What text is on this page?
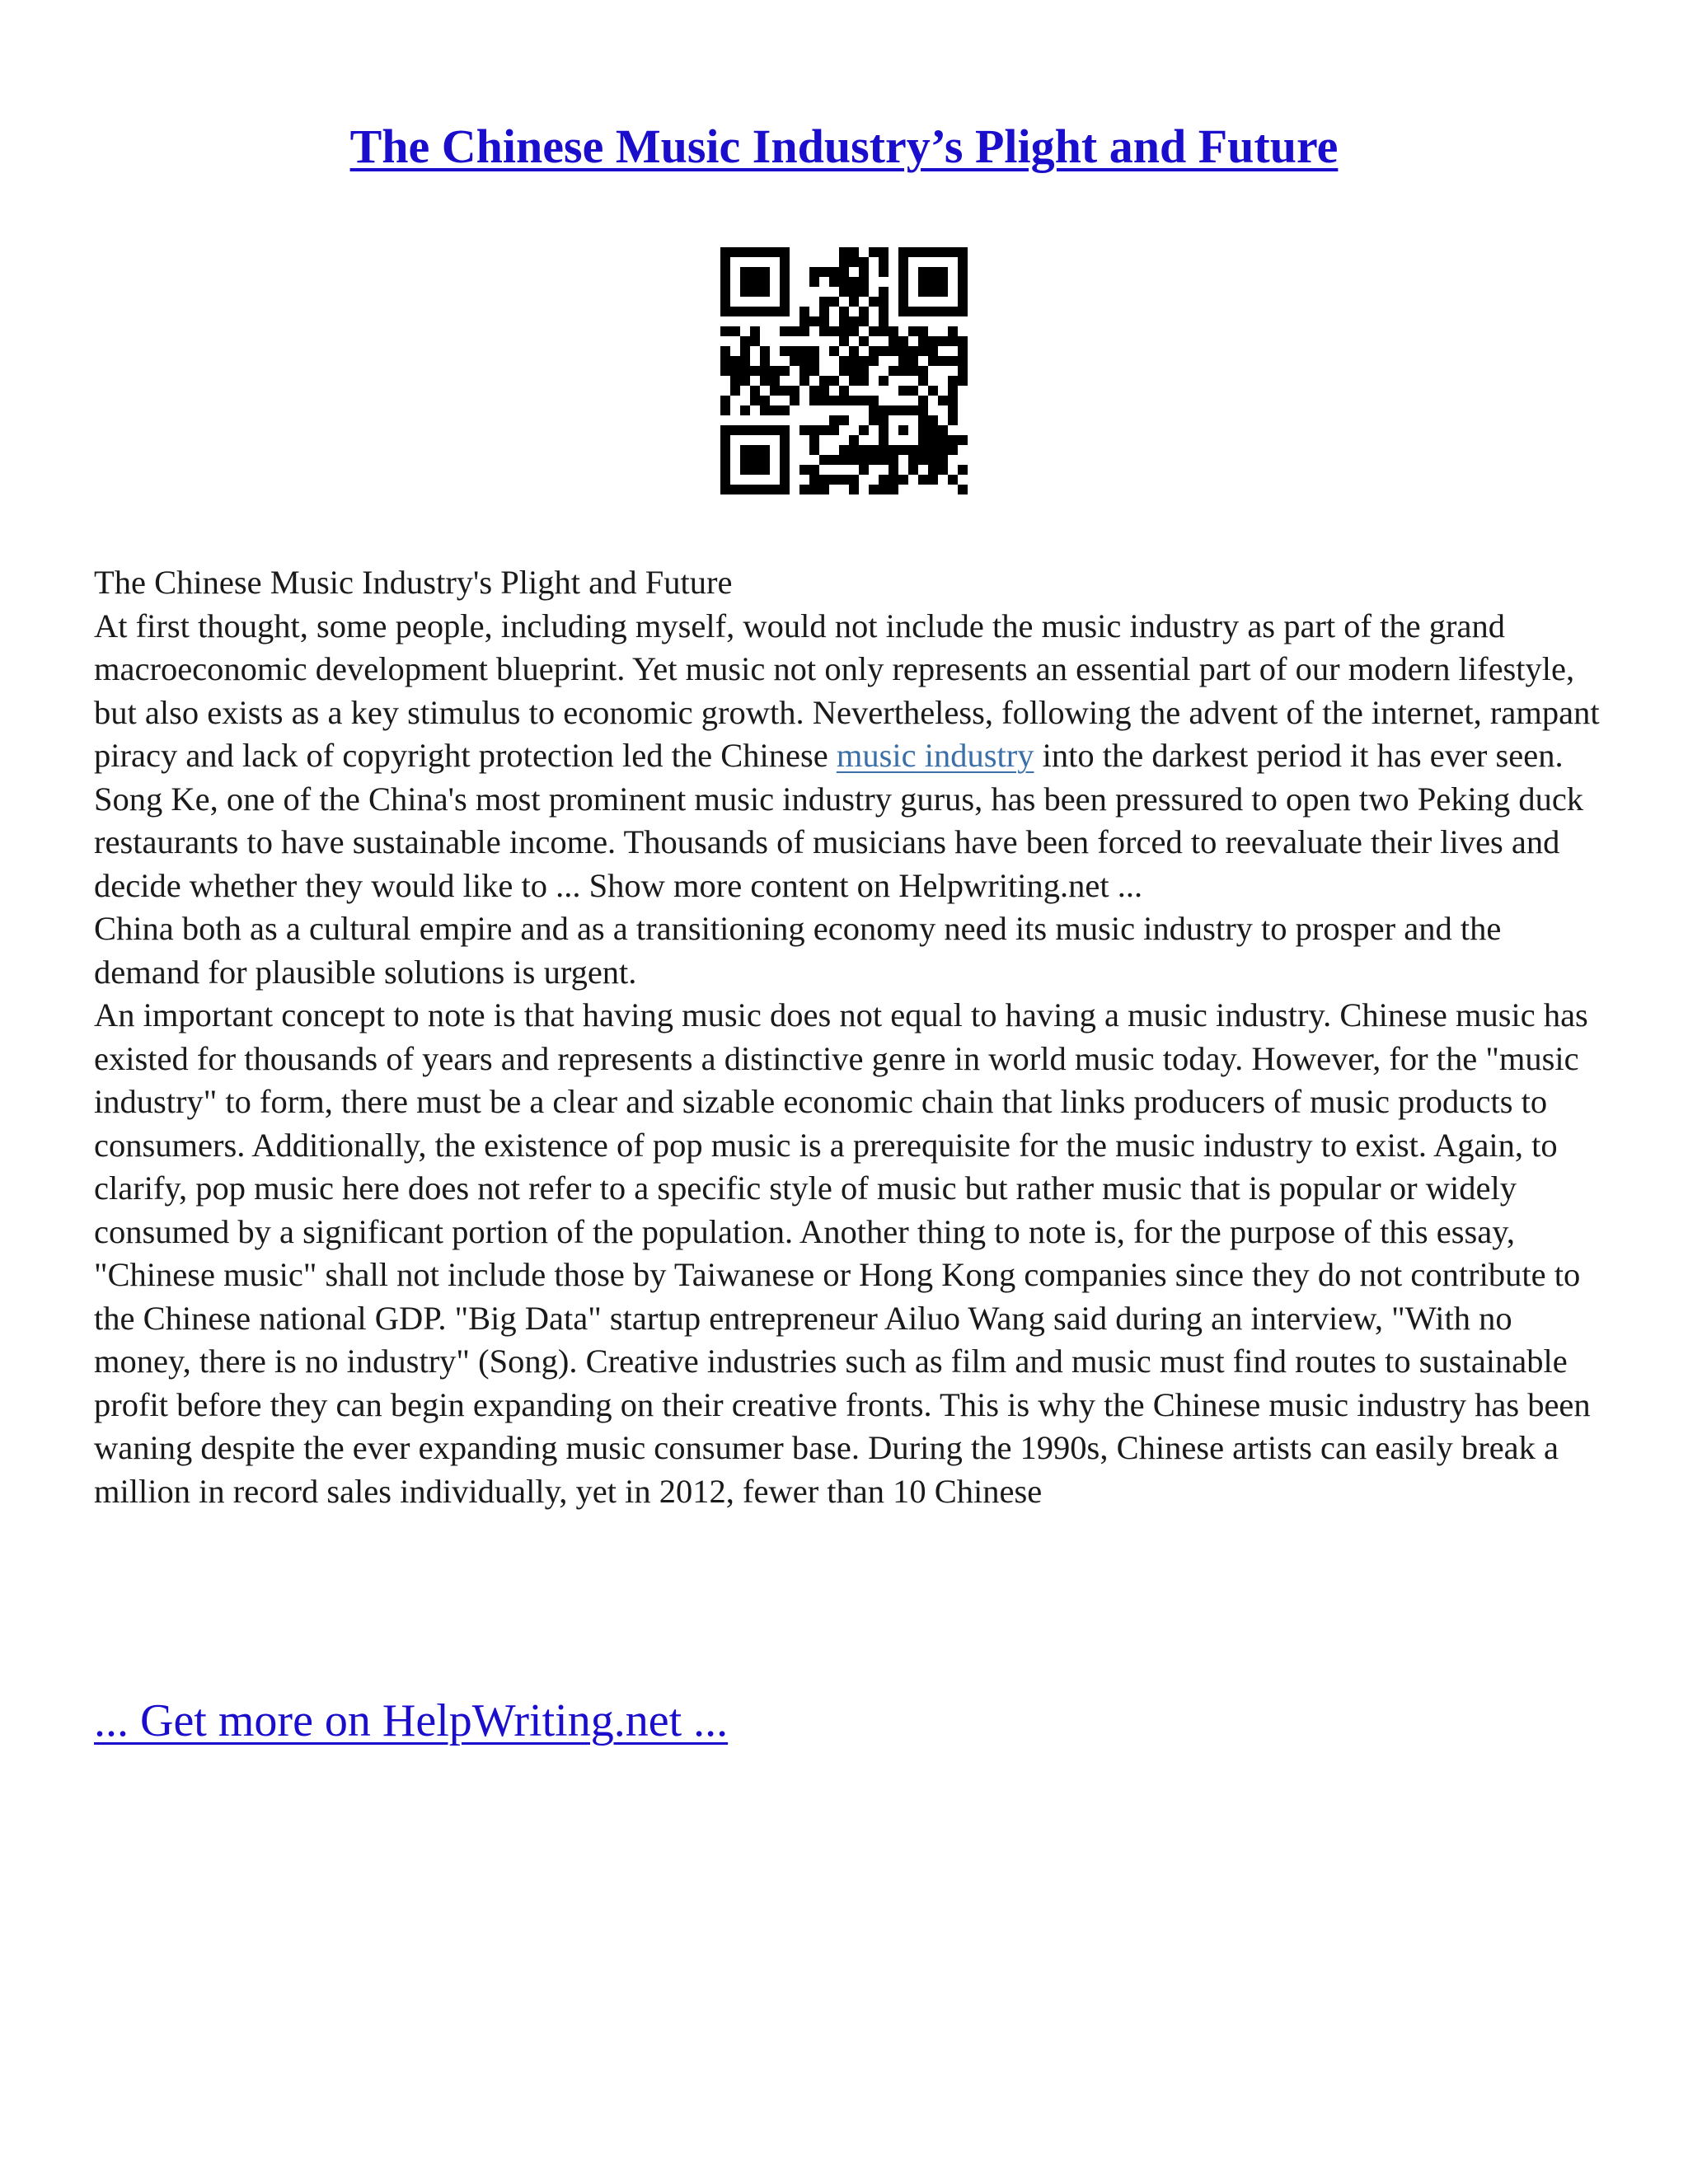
The Chinese Music Industry’s Plight and Future

The Chinese Music Industry's Plight and Future

At first thought, some people, including myself, would not include the music industry as part of the grand macroeconomic development blueprint. Yet music not only represents an essential part of our modern lifestyle, but also exists as a key stimulus to economic growth. Nevertheless, following the advent of the internet, rampant piracy and lack of copyright protection led the Chinese music industry into the darkest period it has ever seen. Song Ke, one of the China's most prominent music industry gurus, has been pressured to open two Peking duck restaurants to have sustainable income. Thousands of musicians have been forced to reevaluate their lives and decide whether they would like to ... Show more content on Helpwriting.net ...

China both as a cultural empire and as a transitioning economy need its music industry to prosper and the demand for plausible solutions is urgent.

An important concept to note is that having music does not equal to having a music industry. Chinese music has existed for thousands of years and represents a distinctive genre in world music today. However, for the "music industry" to form, there must be a clear and sizable economic chain that links producers of music products to consumers. Additionally, the existence of pop music is a prerequisite for the music industry to exist. Again, to clarify, pop music here does not refer to a specific style of music but rather music that is popular or widely consumed by a significant portion of the population. Another thing to note is, for the purpose of this essay, "Chinese music" shall not include those by Taiwanese or Hong Kong companies since they do not contribute to the Chinese national GDP. "Big Data" startup entrepreneur Ailuo Wang said during an interview, "With no money, there is no industry" (Song). Creative industries such as film and music must find routes to sustainable profit before they can begin expanding on their creative fronts. This is why the Chinese music industry has been waning despite the ever expanding music consumer base. During the 1990s, Chinese artists can easily break a million in record sales individually, yet in 2012, fewer than 10 Chinese

... Get more on HelpWriting.net ...
